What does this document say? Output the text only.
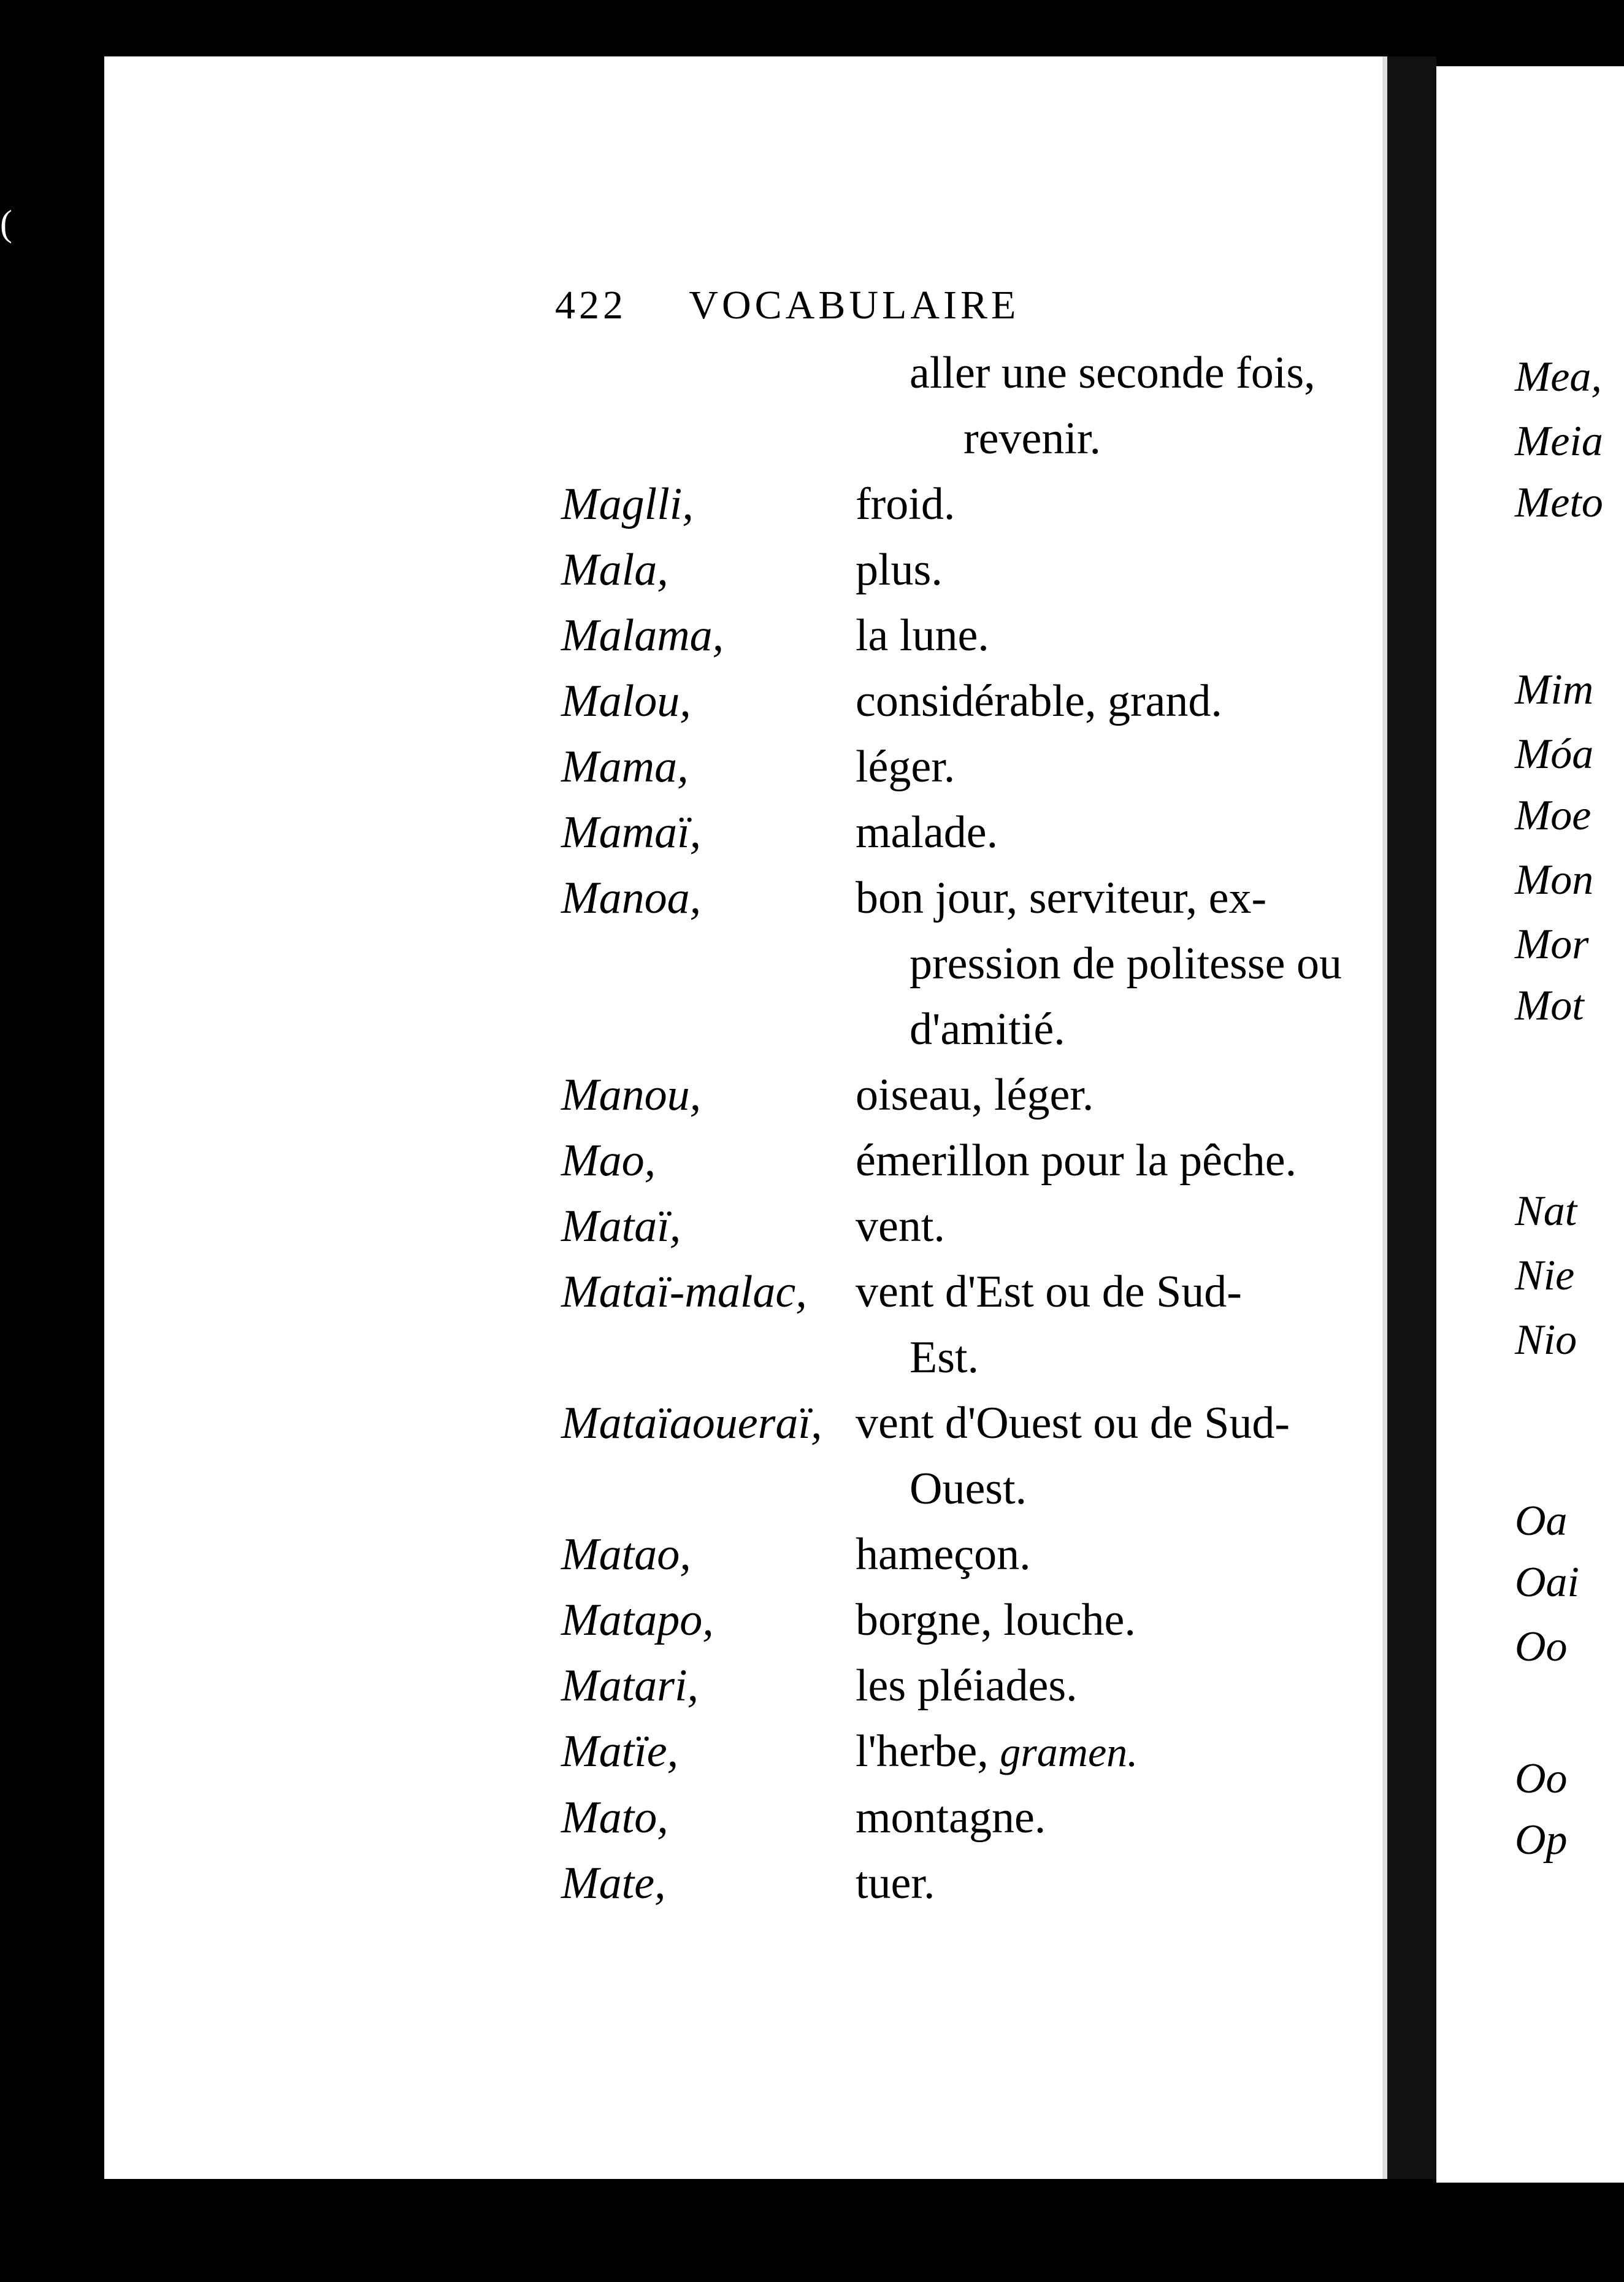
(
422 VOCABULAIRE
aller une seconde fois,
revenir.
Maglli,	froid.
Mala,	plus.
Malama,	la lune.
Malou,	considérable, grand.
Mama,	léger.
Mamaï,	malade.
Manoa,	bon jour, serviteur, ex-
pression de politesse ou
d'amitié.
Manou,	oiseau, léger.
Mao,	émerillon pour la pêche.
Mataï,	vent.
Mataï-malac,	vent d'Est ou de Sud-
Est.
Mataïaoueraï, vent d'Ouest ou de Sud-
Ouest.
Matao,	hameçon.
Matapo,	borgne, louche.
Matari,	les pléiades.
Matïe,	l'herbe, gramen.
Mato,	montagne.
Mate,	tuer.
Mea,
Meia
Meto
Mim
Móa
Moe
Mon
Mor
Mot
Nat
Nie
Nio
Oa
Oai
Oo
Oo
Op
